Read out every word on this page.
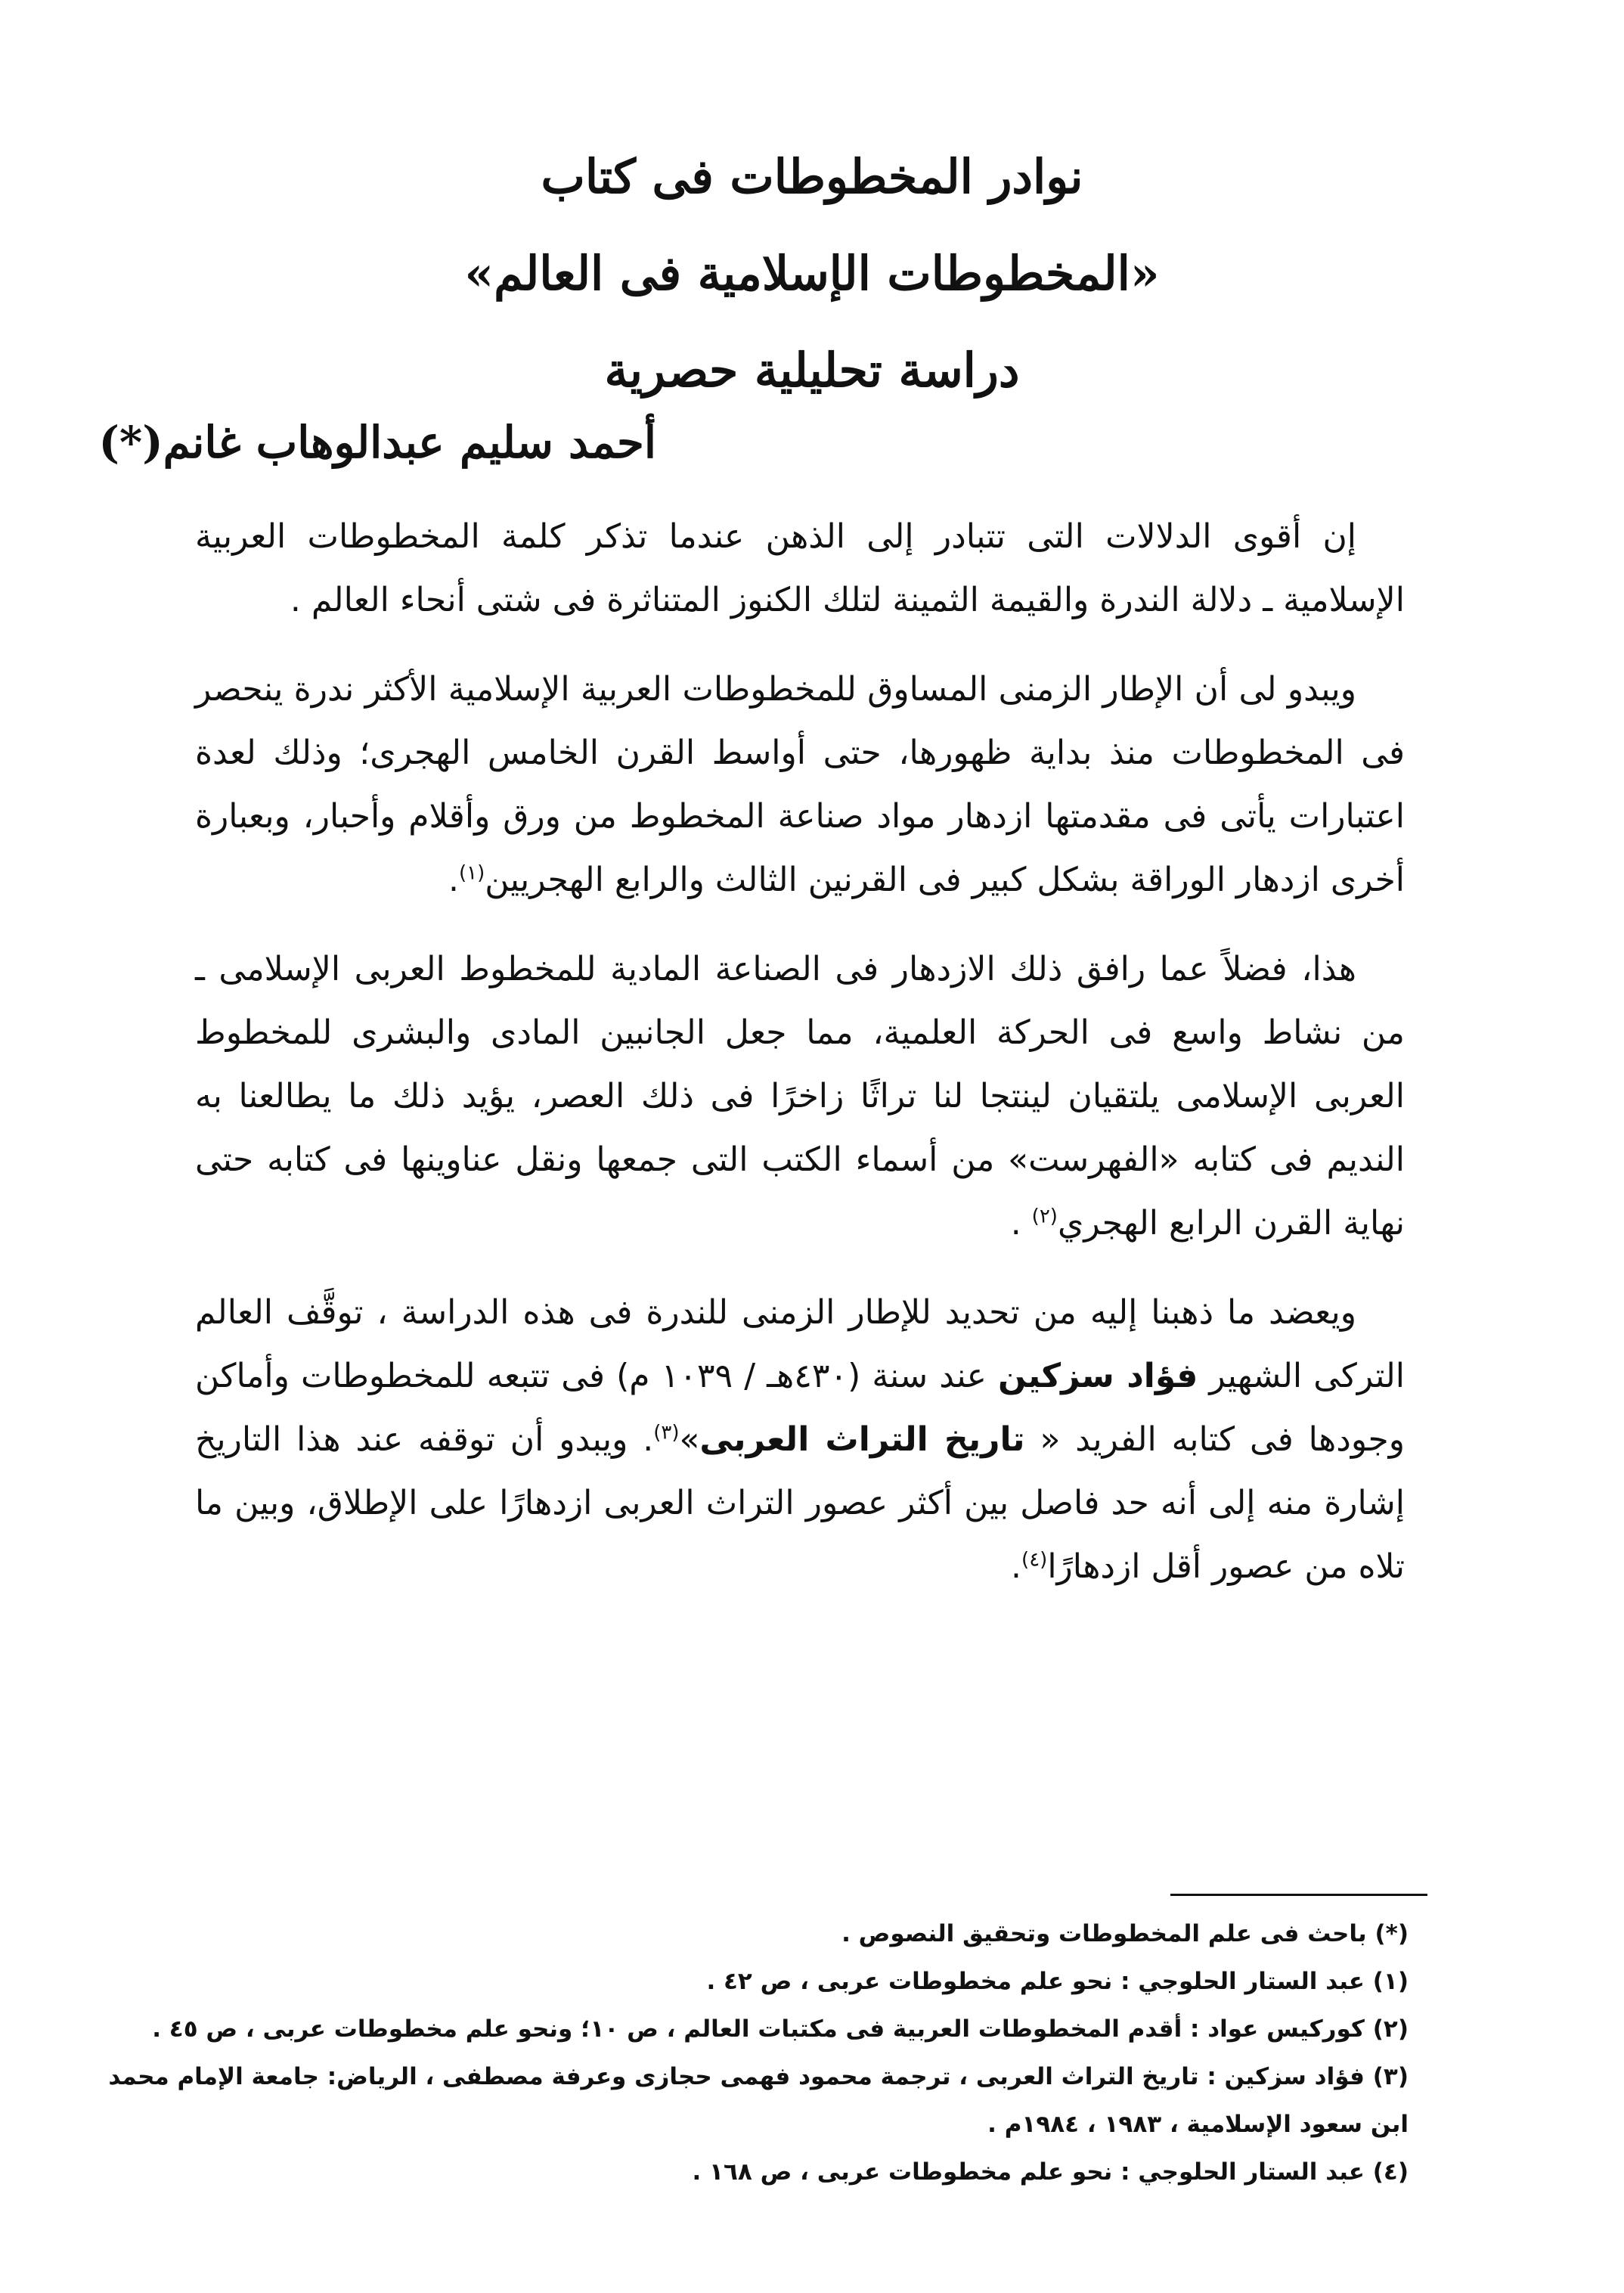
نوادر المخطوطات فى كتاب
«المخطوطات الإسلامية فى العالم»
دراسة تحليلية حصرية
أحمد سليم عبدالوهاب غانم(*)

إن أقوى الدلالات التى تتبادر إلى الذهن عندما تذكر كلمة المخطوطات العربية الإسلامية ـ دلالة الندرة والقيمة الثمينة لتلك الكنوز المتناثرة فى شتى أنحاء العالم .

ويبدو لى أن الإطار الزمنى المساوق للمخطوطات العربية الإسلامية الأكثر ندرة ينحصر فى المخطوطات منذ بداية ظهورها، حتى أواسط القرن الخامس الهجرى؛ وذلك لعدة اعتبارات يأتى فى مقدمتها ازدهار مواد صناعة المخطوط من ورق وأقلام وأحبار، وبعبارة أخرى ازدهار الوراقة بشكل كبير فى القرنين الثالث والرابع الهجريين$^{(١)}$.

هذا، فضلاً عما رافق ذلك الازدهار فى الصناعة المادية للمخطوط العربى الإسلامى ـ من نشاط واسع فى الحركة العلمية، مما جعل الجانبين المادى والبشرى للمخطوط العربى الإسلامى يلتقيان لينتجا لنا تراثًا زاخرًا فى ذلك العصر، يؤيد ذلك ما يطالعنا به النديم فى كتابه «الفهرست» من أسماء الكتب التى جمعها ونقل عناوينها فى كتابه حتى نهاية القرن الرابع الهجري$^{(٢)}$ .

ويعضد ما ذهبنا إليه من تحديد للإطار الزمنى للندرة فى هذه الدراسة ، توقَّف العالم التركى الشهير فؤاد سزكين عند سنة (٤٣٠هـ / ١٠٣٩ م) فى تتبعه للمخطوطات وأماكن وجودها فى كتابه الفريد « تاريخ التراث العربى»$^{(٣)}$. ويبدو أن توقفه عند هذا التاريخ إشارة منه إلى أنه حد فاصل بين أكثر عصور التراث العربى ازدهارًا على الإطلاق، وبين ما تلاه من عصور أقل ازدهارًا$^{(٤)}$.

(*) باحث فى علم المخطوطات وتحقيق النصوص .
(١) عبد الستار الحلوجي : نحو علم مخطوطات عربى ، ص ٤٢ .
(٢) كوركيس عواد : أقدم المخطوطات العربية فى مكتبات العالم ، ص ١٠؛ ونحو علم مخطوطات عربى ، ص ٤٥ .
(٣) فؤاد سزكين : تاريخ التراث العربى ، ترجمة محمود فهمى حجازى وعرفة مصطفى ، الرياض: جامعة الإمام محمد
ابن سعود الإسلامية ، ١٩٨٣ ، ١٩٨٤م .
(٤) عبد الستار الحلوجي : نحو علم مخطوطات عربى ، ص ١٦٨ .
